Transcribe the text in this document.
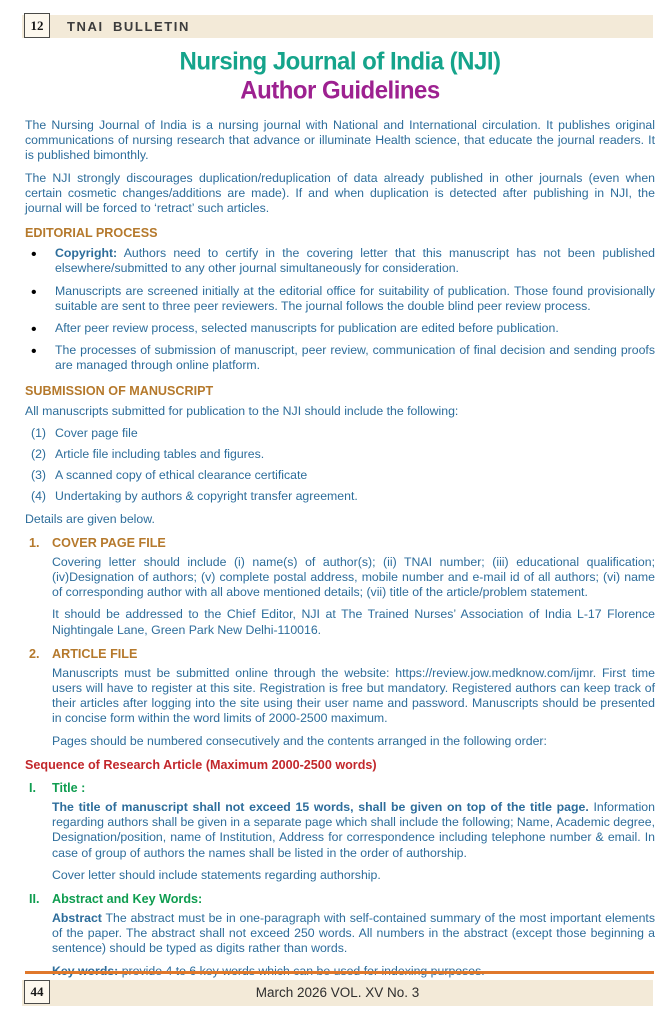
12 TNAI BULLETIN
Nursing Journal of India (NJI)
Author Guidelines

The Nursing Journal of India is a nursing journal with National and International circulation. It publishes original communications of nursing research that advance or illuminate Health science, that educate the journal readers. It is published bimonthly.

The NJI strongly discourages duplication/reduplication of data already published in other journals (even when certain cosmetic changes/additions are made). If and when duplication is detected after publishing in NJI, the journal will be forced to ‘retract’ such articles.

EDITORIAL PROCESS
• Copyright: Authors need to certify in the covering letter that this manuscript has not been published elsewhere/submitted to any other journal simultaneously for consideration.

• Manuscripts are screened initially at the editorial office for suitability of publication. Those found provisionally suitable are sent to three peer reviewers. The journal follows the double blind peer review process.

• After peer review process, selected manuscripts for publication are edited before publication.

• The processes of submission of manuscript, peer review, communication of final decision and sending proofs are managed through online platform.

SUBMISSION OF MANUSCRIPT

All manuscripts submitted for publication to the NJI should include the following:

(1) Cover page file

(2) Article file including tables and figures.

(3) A scanned copy of ethical clearance certificate

(4) Undertaking by authors & copyright transfer agreement.

Details are given below.

1. COVER PAGE FILE

Covering letter should include (i) name(s) of author(s); (ii) TNAI number; (iii) educational qualification; (iv)Designation of authors; (v) complete postal address, mobile number and e-mail id of all authors; (vi) name of corresponding author with all above mentioned details; (vii) title of the article/problem statement.

It should be addressed to the Chief Editor, NJI at The Trained Nurses’ Association of India L-17 Florence Nightingale Lane, Green Park New Delhi-110016.

2. ARTICLE FILE

Manuscripts must be submitted online through the website: https://review.jow.medknow.com/ijmr. First time users will have to register at this site. Registration is free but mandatory. Registered authors can keep track of their articles after logging into the site using their user name and password. Manuscripts should be presented in concise form within the word limits of 2000-2500 maximum.

Pages should be numbered consecutively and the contents arranged in the following order:

Sequence of Research Article (Maximum 2000-2500 words)
I. Title :

The title of manuscript shall not exceed 15 words, shall be given on top of the title page. Information regarding authors shall be given in a separate page which shall include the following; Name, Academic degree, Designation/position, name of Institution, Address for correspondence including telephone number & email. In case of group of authors the names shall be listed in the order of authorship.

Cover letter should include statements regarding authorship.

II. Abstract and Key Words:

Abstract The abstract must be in one-paragraph with self-contained summary of the most important elements of the paper. The abstract shall not exceed 250 words. All numbers in the abstract (except those beginning a sentence) should be typed as digits rather than words.

March 2026 VOL. XV No. 3
44
